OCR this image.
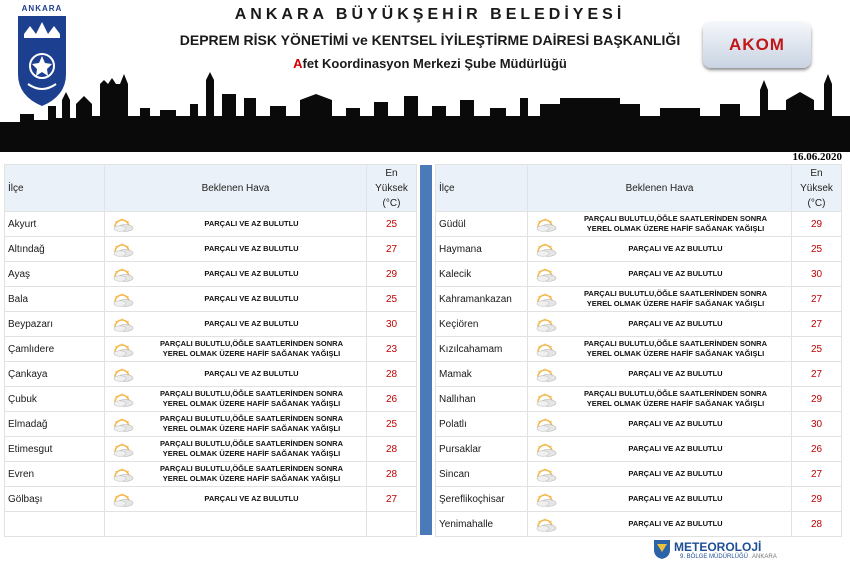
ANKARA	ANKARA BÜYÜKŞEHİR BELEDİYESİ
DEPREM RİSK YÖNETİMİ ve KENTSEL İYİLEŞTİRME DAİRESİ BAŞKANLIĞI
Afet Koordinasyon Merkezi Şube Müdürlüğü
AKOM
16.06.2020
İlçe	Beklenen Hava	En
Yüksek
(°C)

Akyurt	PARÇALI VE AZ BULUTLU	25
Altındağ	PARÇALI VE AZ BULUTLU	27
Ayaş	PARÇALI VE AZ BULUTLU	29
Bala	PARÇALI VE AZ BULUTLU	25
Beypazarı	PARÇALI VE AZ BULUTLU	30
Çamlıdere	PARÇALI BULUTLU,ÖĞLE SAATLERİNDEN SONRA
YEREL OLMAK ÜZERE HAFİF SAĞANAK YAĞIŞLI	23
Çankaya	PARÇALI VE AZ BULUTLU	28
Çubuk	PARÇALI BULUTLU,ÖĞLE SAATLERİNDEN SONRA
YEREL OLMAK ÜZERE HAFİF SAĞANAK YAĞIŞLI	26
Elmadağ	PARÇALI BULUTLU,ÖĞLE SAATLERİNDEN SONRA
YEREL OLMAK ÜZERE HAFİF SAĞANAK YAĞIŞLI	25
Etimesgut	PARÇALI BULUTLU,ÖĞLE SAATLERİNDEN SONRA
YEREL OLMAK ÜZERE HAFİF SAĞANAK YAĞIŞLI	28
Evren	PARÇALI BULUTLU,ÖĞLE SAATLERİNDEN SONRA
YEREL OLMAK ÜZERE HAFİF SAĞANAK YAĞIŞLI	28
Gölbaşı	PARÇALI VE AZ BULUTLU	27

İlçe	Beklenen Hava	En
Yüksek
(°C)

Güdül	PARÇALI BULUTLU,ÖĞLE SAATLERİNDEN SONRA
YEREL OLMAK ÜZERE HAFİF SAĞANAK YAĞIŞLI	29
Haymana	PARÇALI VE AZ BULUTLU	25
Kalecik	PARÇALI VE AZ BULUTLU	30
Kahramankazan	PARÇALI BULUTLU,ÖĞLE SAATLERİNDEN SONRA
YEREL OLMAK ÜZERE HAFİF SAĞANAK YAĞIŞLI	27
Keçiören	PARÇALI VE AZ BULUTLU	27
Kızılcahamam	PARÇALI BULUTLU,ÖĞLE SAATLERİNDEN SONRA
YEREL OLMAK ÜZERE HAFİF SAĞANAK YAĞIŞLI	25
Mamak	PARÇALI VE AZ BULUTLU	27
Nallıhan	PARÇALI BULUTLU,ÖĞLE SAATLERİNDEN SONRA
YEREL OLMAK ÜZERE HAFİF SAĞANAK YAĞIŞLI	29
Polatlı	PARÇALI VE AZ BULUTLU	30
Pursaklar	PARÇALI VE AZ BULUTLU	26
Sincan	PARÇALI VE AZ BULUTLU	27
Şereflikoçhisar	PARÇALI VE AZ BULUTLU	29
Yenimahalle	PARÇALI VE AZ BULUTLU	28
METEOROLOJİ
9. BÖLGE MÜDÜRLÜĞÜ ANKARA
